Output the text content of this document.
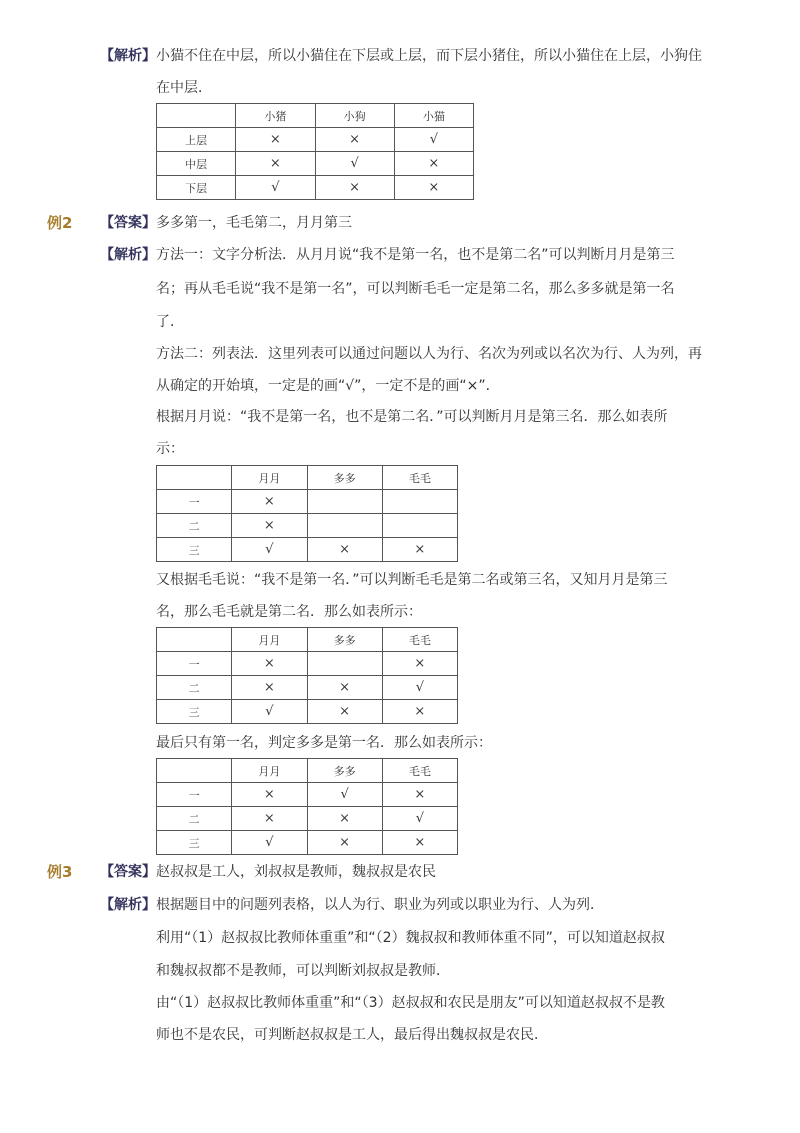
【解析】 小猫不住在中层，所以小猫住在下层或上层，而下层小猪住，所以小猫住在上层，小狗住
在中层．
	小猪	小狗	小猫
上层	×	×	√
中层	×	√	×
下层	√	×	×
例2 【答案】 多多第一，毛毛第二，月月第三
【解析】 方法一：文字分析法．从月月说“我不是第一名，也不是第二名”可以判断月月是第三
名；再从毛毛说“我不是第一名”，可以判断毛毛一定是第二名，那么多多就是第一名
了．
方法二：列表法．这里列表可以通过问题以人为行、名次为列或以名次为行、人为列，再
从确定的开始填，一定是的画“√”，一定不是的画“×”．
根据月月说：“我不是第一名，也不是第二名．”可以判断月月是第三名．那么如表所
示：
	月月	多多	毛毛
一	×		
二	×		
三	√	×	×
又根据毛毛说：“我不是第一名．”可以判断毛毛是第二名或第三名，又知月月是第三
名，那么毛毛就是第二名．那么如表所示：
	月月	多多	毛毛
一	×		×
二	×	×	√
三	√	×	×
最后只有第一名，判定多多是第一名．那么如表所示：
	月月	多多	毛毛
一	×	√	×
二	×	×	√
三	√	×	×
例3 【答案】 赵叔叔是工人，刘叔叔是教师，魏叔叔是农民
【解析】 根据题目中的问题列表格，以人为行、职业为列或以职业为行、人为列．
利用“（1）赵叔叔比教师体重重”和“（2）魏叔叔和教师体重不同”，可以知道赵叔叔
和魏叔叔都不是教师，可以判断刘叔叔是教师．
由“（1）赵叔叔比教师体重重”和“（3）赵叔叔和农民是朋友”可以知道赵叔叔不是教
师也不是农民，可判断赵叔叔是工人，最后得出魏叔叔是农民．
